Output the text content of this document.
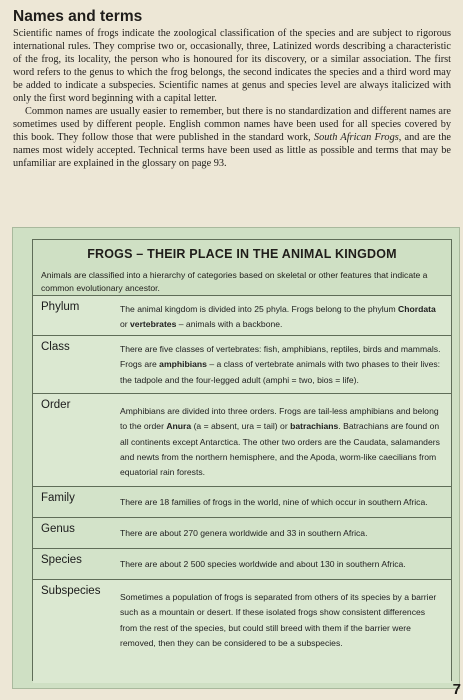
Names and terms

Scientific names of frogs indicate the zoological classification of the species and are subject to rigorous international rules. They comprise two or, occasionally, three, Latinized words describing a characteristic of the frog, its locality, the person who is honoured for its discovery, or a similar association. The first word refers to the genus to which the frog belongs, the second indicates the species and a third word may be added to indicate a subspecies. Scientific names at genus and species level are always italicized with only the first word beginning with a capital letter.

Common names are usually easier to remember, but there is no standardization and different names are sometimes used by different people. English common names have been used for all species covered by this book. They follow those that were published in the standard work, South African Frogs, and are the names most widely accepted. Technical terms have been used as little as possible and terms that may be unfamiliar are explained in the glossary on page 93.

FROGS – THEIR PLACE IN THE ANIMAL KINGDOM

Animals are classified into a hierarchy of categories based on skeletal or other features that indicate a common evolutionary ancestor.

Phylum	The animal kingdom is divided into 25 phyla. Frogs belong to the phylum Chordata or vertebrates – animals with a backbone.
Class	There are five classes of vertebrates: fish, amphibians, reptiles, birds and mammals. Frogs are amphibians – a class of vertebrate animals with two phases to their lives: the tadpole and the four-legged adult (amphi = two, bios = life).
Order	Amphibians are divided into three orders. Frogs are tail-less amphibians and belong to the order Anura (a = absent, ura = tail) or batrachians. Batrachians are found on all continents except Antarctica. The other two orders are the Caudata, salamanders and newts from the northern hemisphere, and the Apoda, worm-like caecilians from equatorial rain forests.
Family	There are 18 families of frogs in the world, nine of which occur in southern Africa.
Genus	There are about 270 genera worldwide and 33 in southern Africa.
Species	There are about 2 500 species worldwide and about 130 in southern Africa.
Subspecies Sometimes a population of frogs is separated from others of its species by a barrier such as a mountain or desert. If these isolated frogs show consistent differences from the rest of the species, but could still breed with them if the barrier were removed, then they can be considered to be a subspecies.
7
